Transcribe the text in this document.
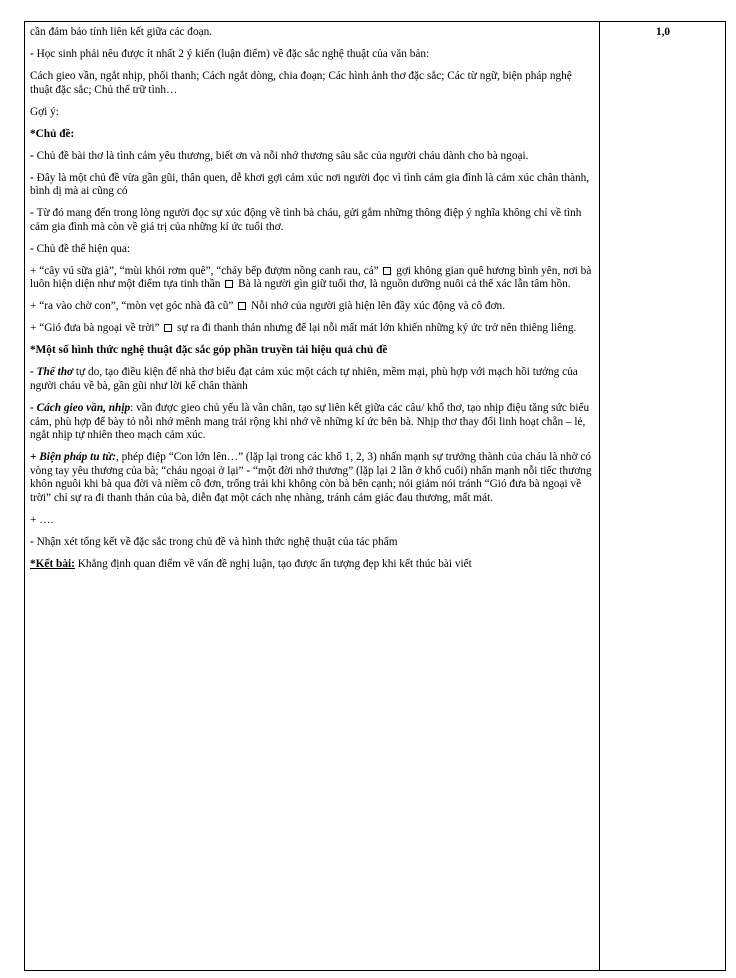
cần đảm bảo tính liên kết giữa các đoạn.

- Học sinh phải nêu được ít nhất 2 ý kiến (luận điểm) về đặc sắc nghệ thuật của văn bản:

Cách gieo vần, ngắt nhịp, phối thanh; Cách ngắt dòng, chia đoạn; Các hình ảnh thơ đặc sắc; Các từ ngữ, biện pháp nghệ thuật đặc sắc; Chủ thể trữ tình…

Gợi ý:

*Chủ đề:

- Chủ đề bài thơ là tình cảm yêu thương, biết ơn và nỗi nhớ thương sâu sắc của người cháu dành cho bà ngoại.

- Đây là một chủ đề vừa gần gũi, thân quen, dễ khơi gợi cảm xúc nơi người đọc vì tình cảm gia đình là cảm xúc chân thành, bình dị mà ai cũng có

- Từ đó mang đến trong lòng người đọc sự xúc động về tình bà cháu, gửi gắm những thông điệp ý nghĩa không chỉ về tình cảm gia đình mà còn về giá trị của những kí ức tuổi thơ.

- Chủ đề thể hiện qua:

+ “cây vú sữa già”, “mùi khói rơm quê”, “cháy bếp đượm nồng canh rau, cá”  gợi không gian quê hương bình yên, nơi bà luôn hiện diện như một điểm tựa tinh thần  Bà là người gìn giữ tuổi thơ, là nguồn dưỡng nuôi cả thể xác lẫn tâm hồn.

+ “ra vào chờ con”, “mòn vẹt góc nhà đã cũ”  Nỗi nhớ của người già hiện lên đầy xúc động và cô đơn.

+ “Gió đưa bà ngoại về trời”  sự ra đi thanh thản nhưng để lại nỗi mất mát lớn khiến những ký ức trở nên thiêng liêng.

*Một số hình thức nghệ thuật đặc sắc góp phần truyền tải hiệu quả chủ đề

- Thể thơ tự do, tạo điều kiện để nhà thơ biểu đạt cảm xúc một cách tự nhiên, mềm mại, phù hợp với mạch hồi tưởng của người cháu về bà, gần gũi như lời kể chân thành

- Cách gieo vần, nhịp: vần được gieo chủ yếu là vần chân, tạo sự liên kết giữa các câu/ khổ thơ, tạo nhịp điệu tăng sức biểu cảm, phù hợp để bày tỏ nỗi nhớ mênh mang trải rộng khi nhớ về những kí ức bên bà. Nhịp thơ thay đổi linh hoạt chẵn – lẻ, ngắt nhịp tự nhiên theo mạch cảm xúc.

+ Biện pháp tu từ:, phép điệp “Con lớn lên…” (lặp lại trong các khổ 1, 2, 3) nhấn mạnh sự trưởng thành của cháu là nhờ có vòng tay yêu thương của bà; “cháu ngoại ở lại” - “một đời nhớ thương” (lặp lại 2 lần ở khổ cuối) nhấn mạnh nỗi tiếc thương khôn nguôi khi bà qua đời và niềm cô đơn, trống trải khi không còn bà bên cạnh; nói giảm nói tránh “Gió đưa bà ngoại về trời” chỉ sự ra đi thanh thản của bà, diễn đạt một cách nhẹ nhàng, tránh cảm giác đau thương, mất mát.

+ ….

- Nhận xét tổng kết về đặc sắc trong chủ đề và hình thức nghệ thuật của tác phẩm

*Kết bài: Khẳng định quan điểm về vấn đề nghị luận, tạo được ấn tượng đẹp khi kết thúc bài viết

1,0
